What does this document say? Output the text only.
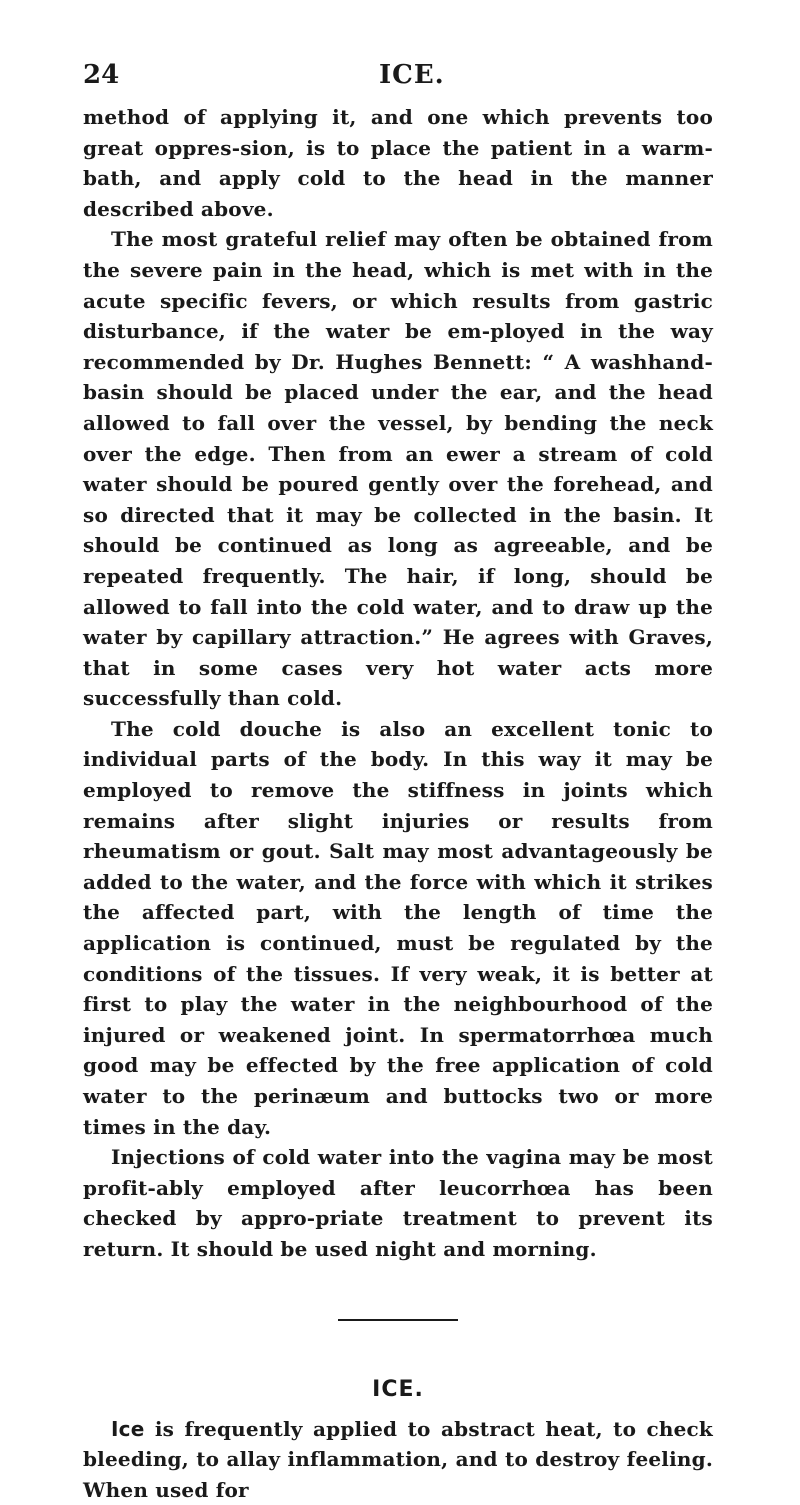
24	ICE.

method of applying it, and one which prevents too great oppres-sion, is to place the patient in a warm-bath, and apply cold to the head in the manner described above.

The most grateful relief may often be obtained from the severe pain in the head, which is met with in the acute specific fevers, or which results from gastric disturbance, if the water be em-ployed in the way recommended by Dr. Hughes Bennett: “ A washhand-basin should be placed under the ear, and the head allowed to fall over the vessel, by bending the neck over the edge. Then from an ewer a stream of cold water should be poured gently over the forehead, and so directed that it may be collected in the basin. It should be continued as long as agreeable, and be repeated frequently. The hair, if long, should be allowed to fall into the cold water, and to draw up the water by capillary attraction.” He agrees with Graves, that in some cases very hot water acts more successfully than cold.

The cold douche is also an excellent tonic to individual parts of the body. In this way it may be employed to remove the stiffness in joints which remains after slight injuries or results from rheumatism or gout. Salt may most advantageously be added to the water, and the force with which it strikes the affected part, with the length of time the application is continued, must be regulated by the conditions of the tissues. If very weak, it is better at first to play the water in the neighbourhood of the injured or weakened joint. In spermatorrhœa much good may be effected by the free application of cold water to the perinæum and buttocks two or more times in the day.

Injections of cold water into the vagina may be most profit-ably employed after leucorrhœa has been checked by appro-priate treatment to prevent its return. It should be used night and morning.

ICE.

Ice is frequently applied to abstract heat, to check bleeding, to allay inflammation, and to destroy feeling. When used for
